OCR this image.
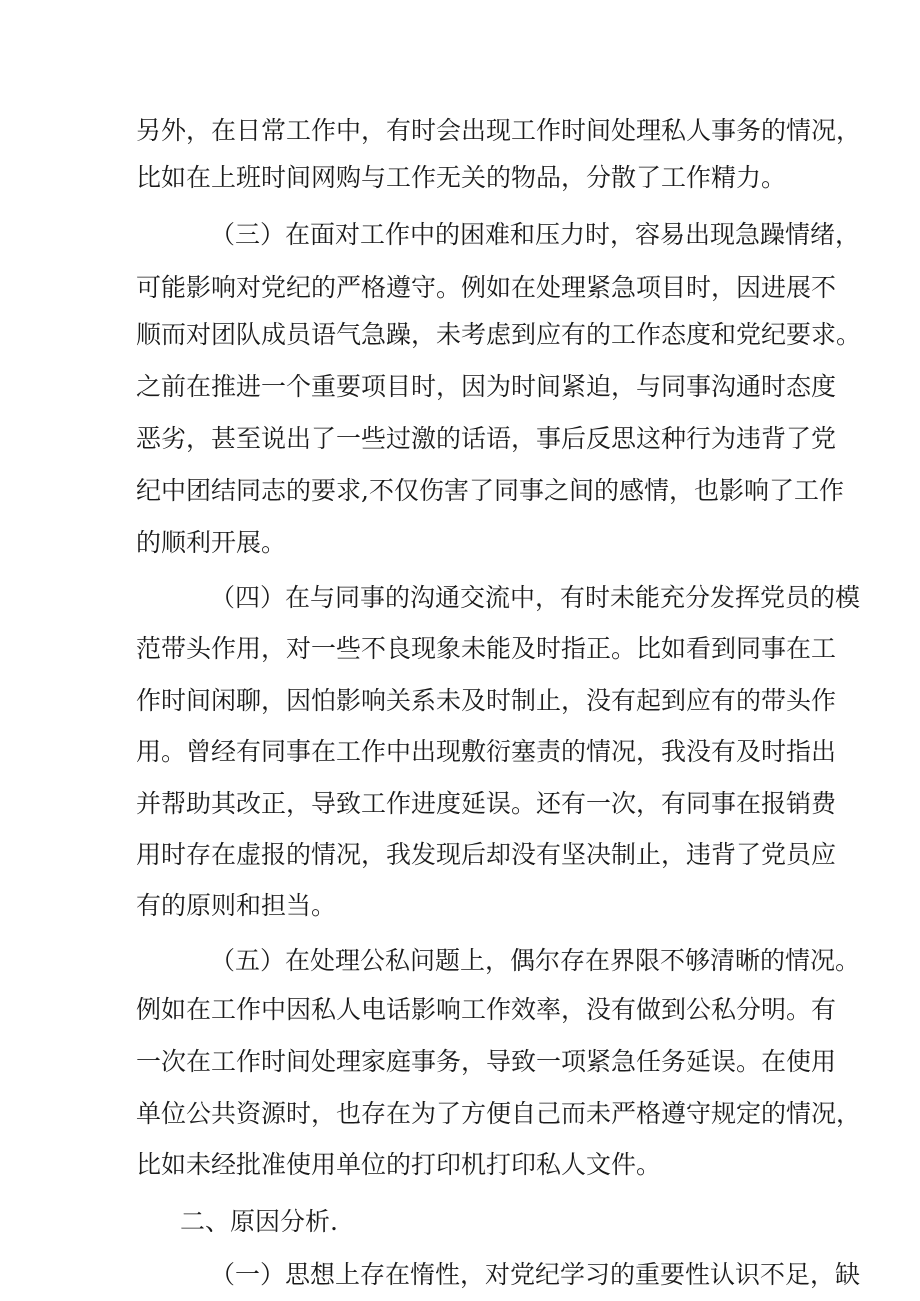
另外，在日常工作中，有时会出现工作时间处理私人事务的情况，
比如在上班时间网购与工作无关的物品，分散了工作精力。
（三）在面对工作中的困难和压力时，容易出现急躁情绪，
可能影响对党纪的严格遵守。例如在处理紧急项目时，因进展不
顺而对团队成员语气急躁，未考虑到应有的工作态度和党纪要求。
之前在推进一个重要项目时，因为时间紧迫，与同事沟通时态度
恶劣，甚至说出了一些过激的话语，事后反思这种行为违背了党
纪中团结同志的要求,不仅伤害了同事之间的感情，也影响了工作
的顺利开展。
（四）在与同事的沟通交流中，有时未能充分发挥党员的模
范带头作用，对一些不良现象未能及时指正。比如看到同事在工
作时间闲聊，因怕影响关系未及时制止，没有起到应有的带头作
用。曾经有同事在工作中出现敷衍塞责的情况，我没有及时指出
并帮助其改正，导致工作进度延误。还有一次，有同事在报销费
用时存在虚报的情况，我发现后却没有坚决制止，违背了党员应
有的原则和担当。
（五）在处理公私问题上，偶尔存在界限不够清晰的情况。
例如在工作中因私人电话影响工作效率，没有做到公私分明。有
一次在工作时间处理家庭事务，导致一项紧急任务延误。在使用
单位公共资源时，也存在为了方便自己而未严格遵守规定的情况，
比如未经批准使用单位的打印机打印私人文件。
二、原因分析.
（一）思想上存在惰性，对党纪学习的重要性认识不足，缺
